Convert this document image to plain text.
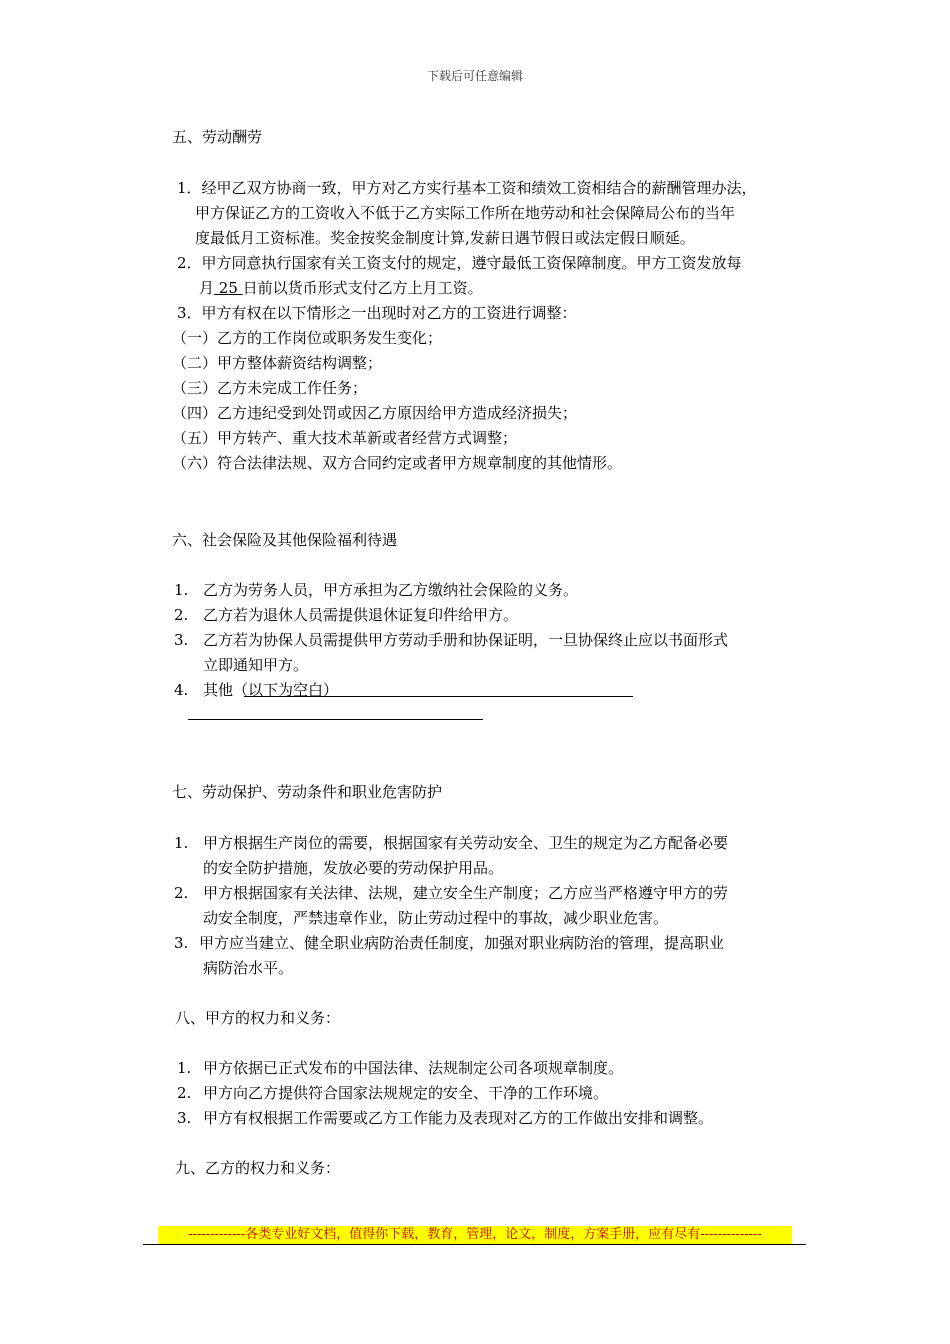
下载后可任意编辑
五、劳动酬劳
1．经甲乙双方协商一致，甲方对乙方实行基本工资和绩效工资相结合的薪酬管理办法，
甲方保证乙方的工资收入不低于乙方实际工作所在地劳动和社会保障局公布的当年
度最低月工资标准。奖金按奖金制度计算,发薪日遇节假日或法定假日顺延。
2．甲方同意执行国家有关工资支付的规定，遵守最低工资保障制度。甲方工资发放每
月 25 日前以货币形式支付乙方上月工资。
3．甲方有权在以下情形之一出现时对乙方的工资进行调整：
（一）乙方的工作岗位或职务发生变化；
（二）甲方整体薪资结构调整；
（三）乙方未完成工作任务；
（四）乙方违纪受到处罚或因乙方原因给甲方造成经济损失；
（五）甲方转产、重大技术革新或者经营方式调整；
（六）符合法律法规、双方合同约定或者甲方规章制度的其他情形。
六、社会保险及其他保险福利待遇
1. 乙方为劳务人员，甲方承担为乙方缴纳社会保险的义务。
2. 乙方若为退休人员需提供退休证复印件给甲方。
3. 乙方若为协保人员需提供甲方劳动手册和协保证明，一旦协保终止应以书面形式
立即通知甲方。
4. 其他（以下为空白）
七、劳动保护、劳动条件和职业危害防护
1. 甲方根据生产岗位的需要，根据国家有关劳动安全、卫生的规定为乙方配备必要
的安全防护措施，发放必要的劳动保护用品。
2. 甲方根据国家有关法律、法规，建立安全生产制度；乙方应当严格遵守甲方的劳
动安全制度，严禁违章作业，防止劳动过程中的事故，减少职业危害。
3. 甲方应当建立、健全职业病防治责任制度，加强对职业病防治的管理，提高职业
病防治水平。
八、甲方的权力和义务：
1. 甲方依据已正式发布的中国法律、法规制定公司各项规章制度。
2. 甲方向乙方提供符合国家法规规定的安全、干净的工作环境。
3. 甲方有权根据工作需要或乙方工作能力及表现对乙方的工作做出安排和调整。
九、乙方的权力和义务：
-------------各类专业好文档，值得你下载，教育，管理，论文，制度，方案手册，应有尽有--------------
